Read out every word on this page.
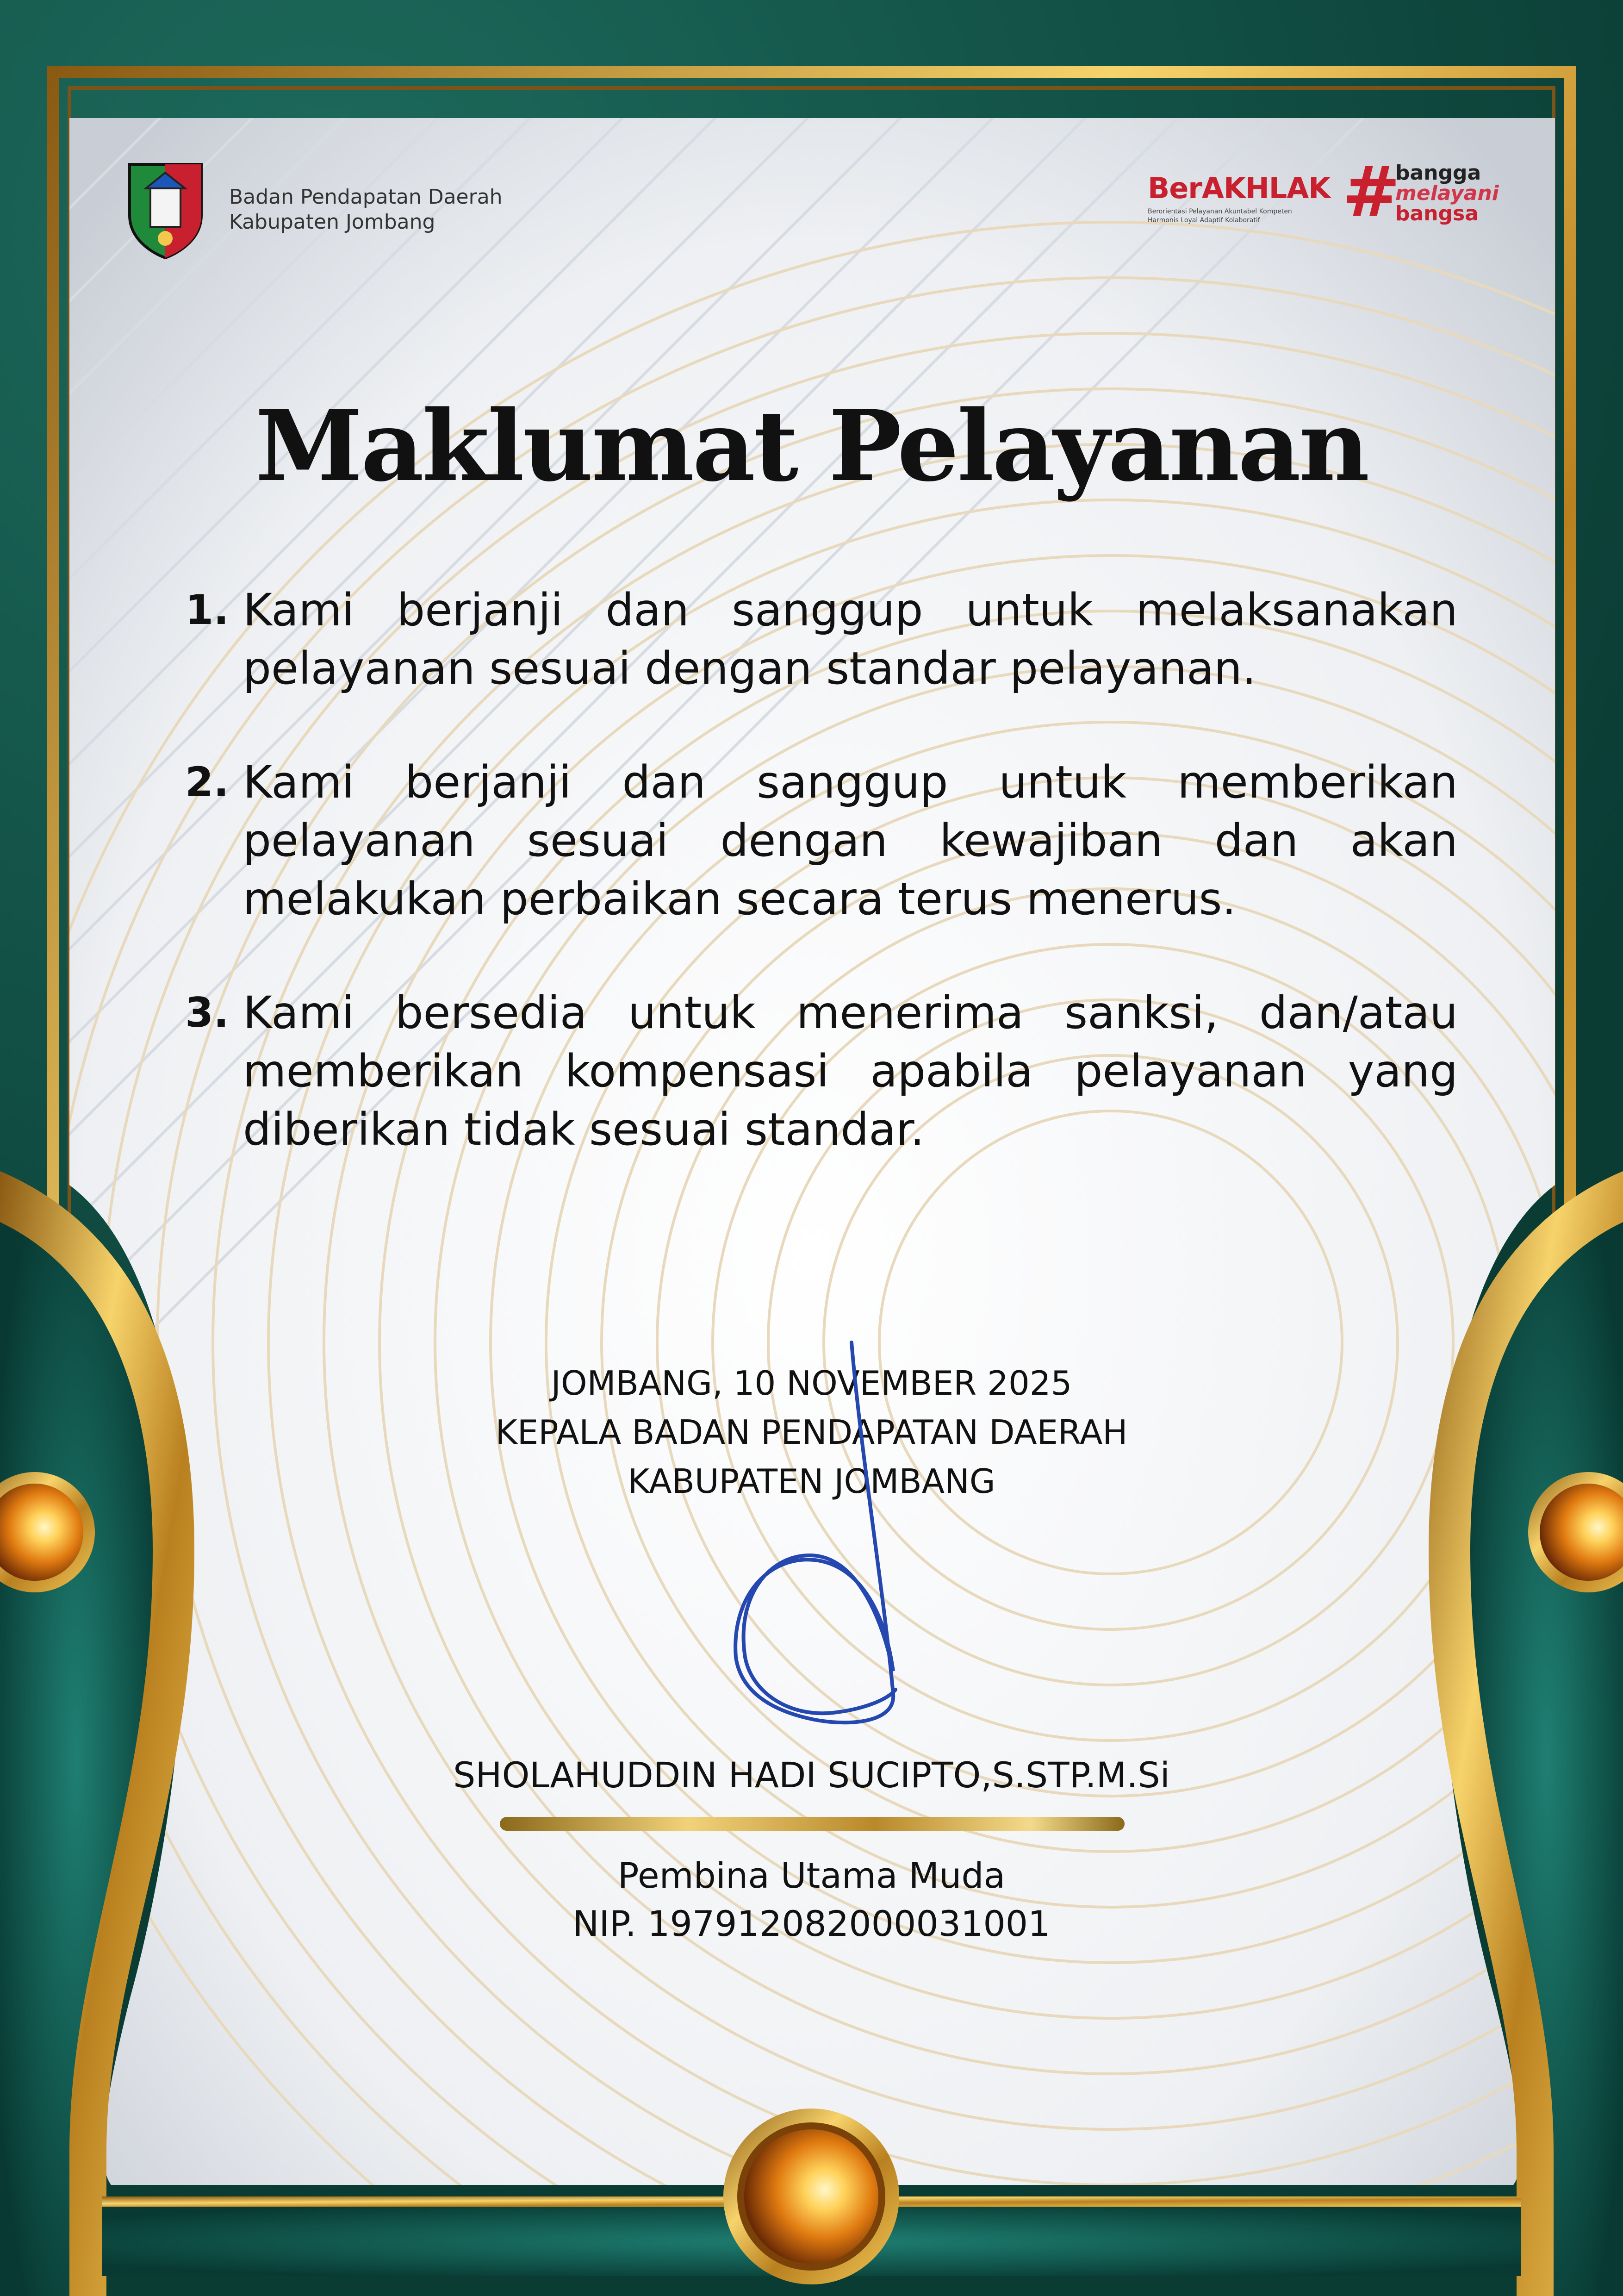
Badan Pendapatan Daerah
Kabupaten Jombang
BerAKHLAK
Berorientasi Pelayanan Akuntabel Kompeten
Harmonis Loyal Adaptif Kolaboratif	#
bangga
melayani
bangsa
Maklumat Pelayanan
1. Kami berjanji dan sanggup untuk melaksanakan pelayanan sesuai dengan standar pelayanan.
2. Kami berjanji dan sanggup untuk memberikan pelayanan sesuai dengan kewajiban dan akan melakukan perbaikan secara terus menerus.
3. Kami bersedia untuk menerima sanksi, dan/atau memberikan kompensasi apabila pelayanan yang diberikan tidak sesuai standar.
JOMBANG, 10 NOVEMBER 2025
KEPALA BADAN PENDAPATAN DAERAH
KABUPATEN JOMBANG
SHOLAHUDDIN HADI SUCIPTO,S.STP.M.Si
Pembina Utama Muda
NIP. 197912082000031001
